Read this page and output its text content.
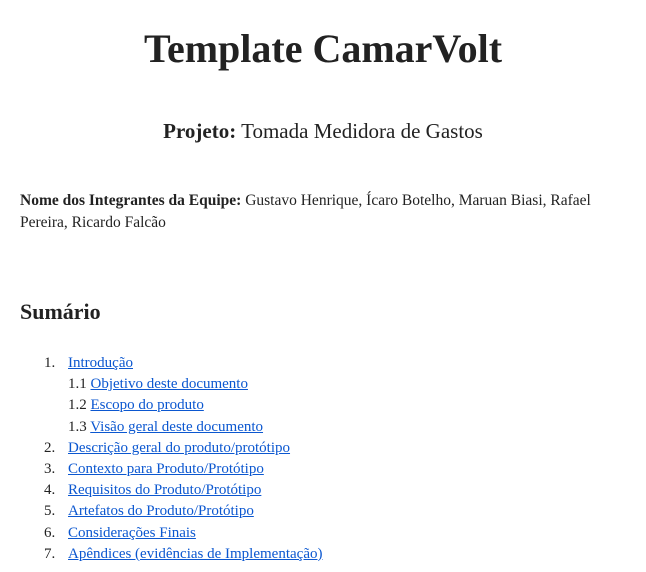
Template CamarVolt

Projeto: Tomada Medidora de Gastos

Nome dos Integrantes da Equipe: Gustavo Henrique, Ícaro Botelho, Maruan Biasi, Rafael Pereira, Ricardo Falcão

Sumário
1. Introdução
1.1 Objetivo deste documento
1.2 Escopo do produto
1.3 Visão geral deste documento
2. Descrição geral do produto/protótipo
3. Contexto para Produto/Protótipo
4. Requisitos do Produto/Protótipo
5. Artefatos do Produto/Protótipo
6. Considerações Finais
7. Apêndices (evidências de Implementação)
